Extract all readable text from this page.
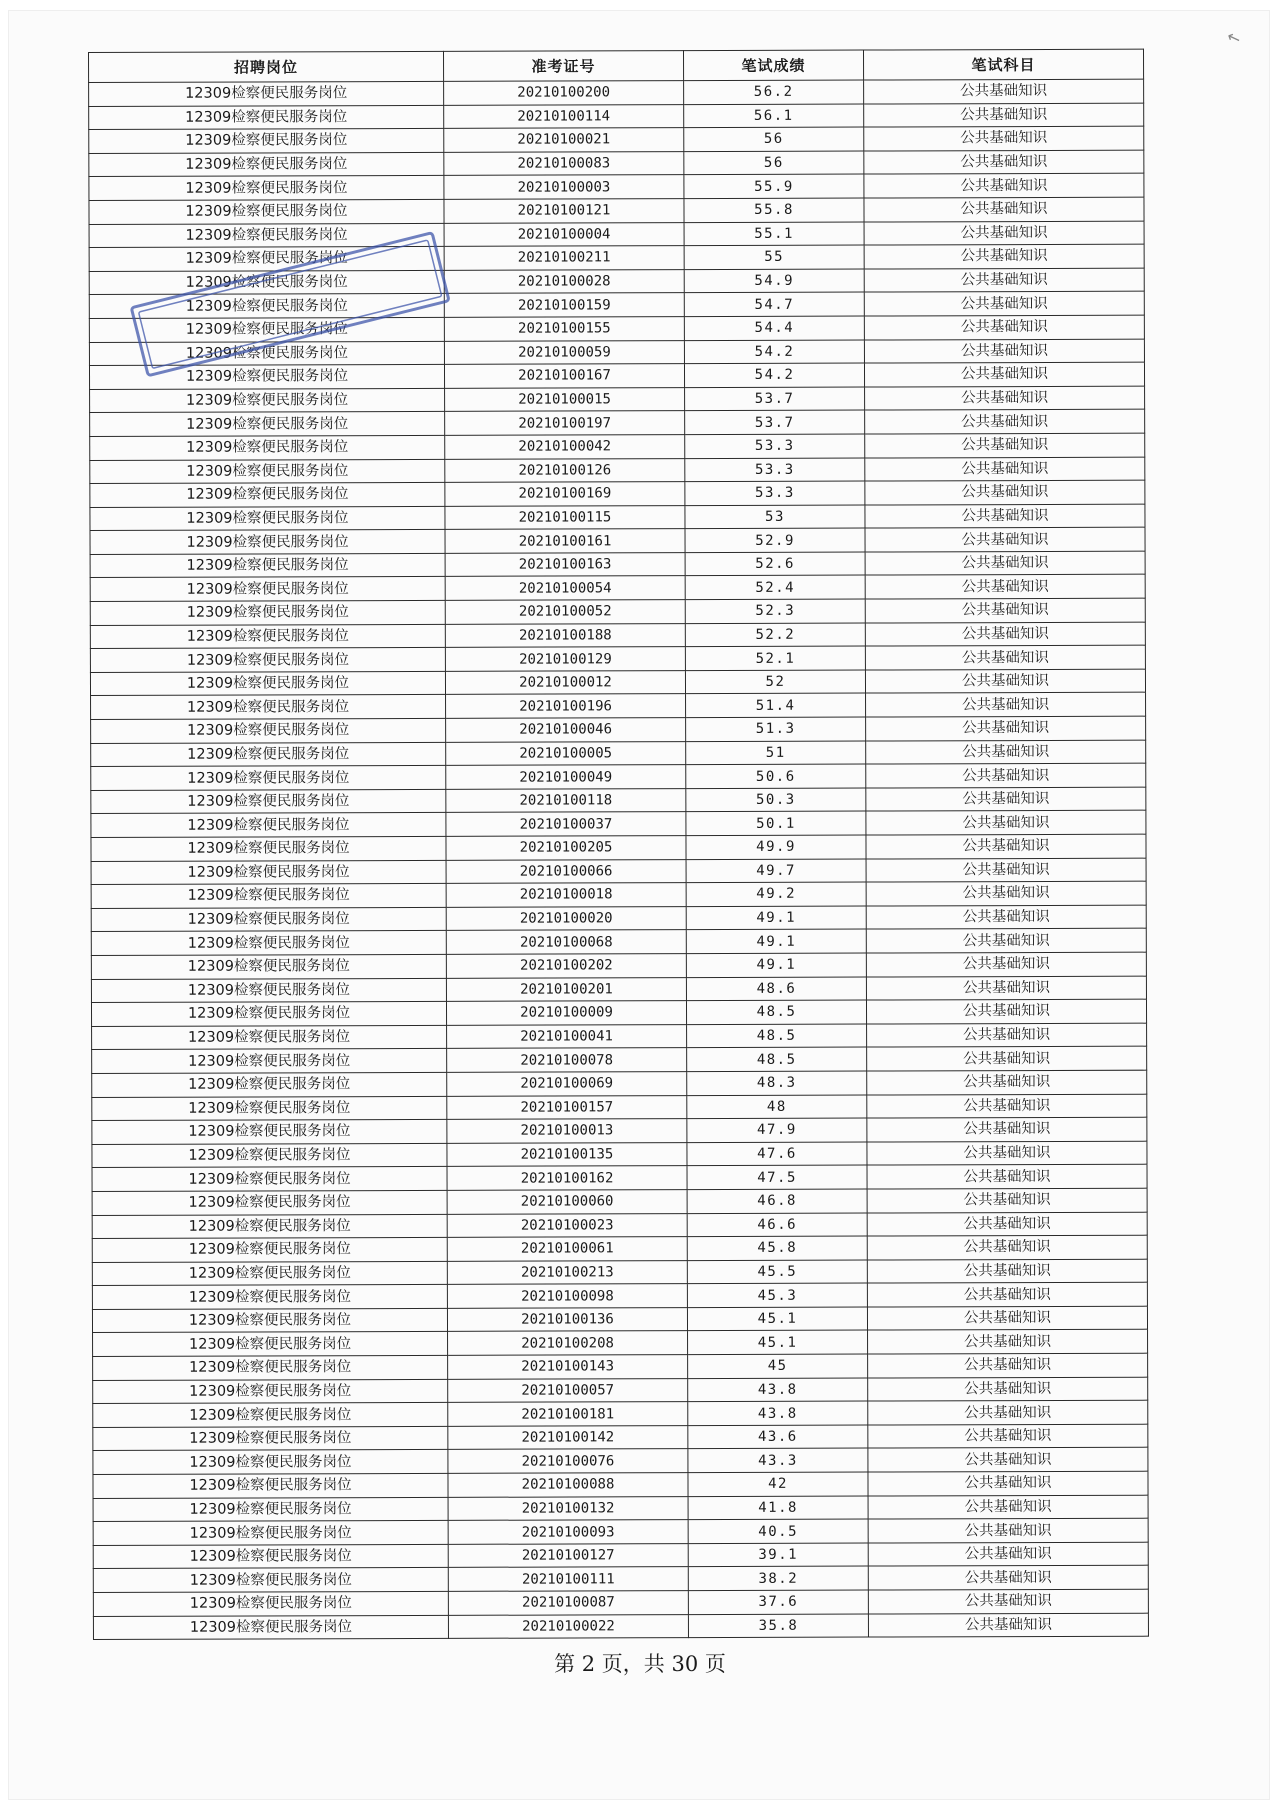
↖
招聘岗位	准考证号	笔试成绩	笔试科目
12309检察便民服务岗位	20210100200	56.2	公共基础知识
12309检察便民服务岗位	20210100114	56.1	公共基础知识
12309检察便民服务岗位	20210100021	56	公共基础知识
12309检察便民服务岗位	20210100083	56	公共基础知识
12309检察便民服务岗位	20210100003	55.9	公共基础知识
12309检察便民服务岗位	20210100121	55.8	公共基础知识
12309检察便民服务岗位	20210100004	55.1	公共基础知识
12309检察便民服务岗位	20210100211	55	公共基础知识
12309检察便民服务岗位	20210100028	54.9	公共基础知识
12309检察便民服务岗位	20210100159	54.7	公共基础知识
12309检察便民服务岗位	20210100155	54.4	公共基础知识
12309检察便民服务岗位	20210100059	54.2	公共基础知识
12309检察便民服务岗位	20210100167	54.2	公共基础知识
12309检察便民服务岗位	20210100015	53.7	公共基础知识
12309检察便民服务岗位	20210100197	53.7	公共基础知识
12309检察便民服务岗位	20210100042	53.3	公共基础知识
12309检察便民服务岗位	20210100126	53.3	公共基础知识
12309检察便民服务岗位	20210100169	53.3	公共基础知识
12309检察便民服务岗位	20210100115	53	公共基础知识
12309检察便民服务岗位	20210100161	52.9	公共基础知识
12309检察便民服务岗位	20210100163	52.6	公共基础知识
12309检察便民服务岗位	20210100054	52.4	公共基础知识
12309检察便民服务岗位	20210100052	52.3	公共基础知识
12309检察便民服务岗位	20210100188	52.2	公共基础知识
12309检察便民服务岗位	20210100129	52.1	公共基础知识
12309检察便民服务岗位	20210100012	52	公共基础知识
12309检察便民服务岗位	20210100196	51.4	公共基础知识
12309检察便民服务岗位	20210100046	51.3	公共基础知识
12309检察便民服务岗位	20210100005	51	公共基础知识
12309检察便民服务岗位	20210100049	50.6	公共基础知识
12309检察便民服务岗位	20210100118	50.3	公共基础知识
12309检察便民服务岗位	20210100037	50.1	公共基础知识
12309检察便民服务岗位	20210100205	49.9	公共基础知识
12309检察便民服务岗位	20210100066	49.7	公共基础知识
12309检察便民服务岗位	20210100018	49.2	公共基础知识
12309检察便民服务岗位	20210100020	49.1	公共基础知识
12309检察便民服务岗位	20210100068	49.1	公共基础知识
12309检察便民服务岗位	20210100202	49.1	公共基础知识
12309检察便民服务岗位	20210100201	48.6	公共基础知识
12309检察便民服务岗位	20210100009	48.5	公共基础知识
12309检察便民服务岗位	20210100041	48.5	公共基础知识
12309检察便民服务岗位	20210100078	48.5	公共基础知识
12309检察便民服务岗位	20210100069	48.3	公共基础知识
12309检察便民服务岗位	20210100157	48	公共基础知识
12309检察便民服务岗位	20210100013	47.9	公共基础知识
12309检察便民服务岗位	20210100135	47.6	公共基础知识
12309检察便民服务岗位	20210100162	47.5	公共基础知识
12309检察便民服务岗位	20210100060	46.8	公共基础知识
12309检察便民服务岗位	20210100023	46.6	公共基础知识
12309检察便民服务岗位	20210100061	45.8	公共基础知识
12309检察便民服务岗位	20210100213	45.5	公共基础知识
12309检察便民服务岗位	20210100098	45.3	公共基础知识
12309检察便民服务岗位	20210100136	45.1	公共基础知识
12309检察便民服务岗位	20210100208	45.1	公共基础知识
12309检察便民服务岗位	20210100143	45	公共基础知识
12309检察便民服务岗位	20210100057	43.8	公共基础知识
12309检察便民服务岗位	20210100181	43.8	公共基础知识
12309检察便民服务岗位	20210100142	43.6	公共基础知识
12309检察便民服务岗位	20210100076	43.3	公共基础知识
12309检察便民服务岗位	20210100088	42	公共基础知识
12309检察便民服务岗位	20210100132	41.8	公共基础知识
12309检察便民服务岗位	20210100093	40.5	公共基础知识
12309检察便民服务岗位	20210100127	39.1	公共基础知识
12309检察便民服务岗位	20210100111	38.2	公共基础知识
12309检察便民服务岗位	20210100087	37.6	公共基础知识
12309检察便民服务岗位	20210100022	35.8	公共基础知识
第 2 页，共 30 页
